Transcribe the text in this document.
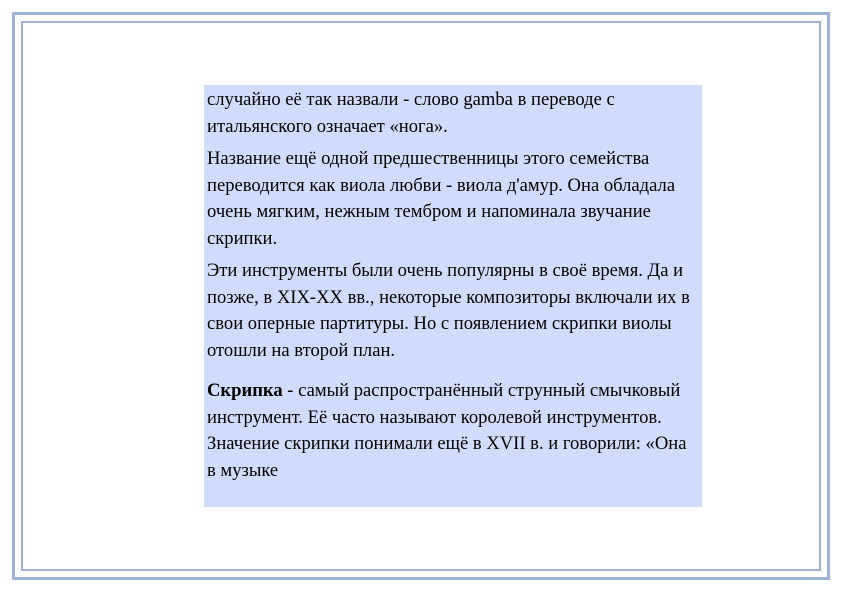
случайно её так назвали - слово gamba в переводе с итальянского означает «нога».

Название ещё одной предшественницы этого семейства переводится как виола любви - виола д'амур. Она обладала очень мягким, нежным тембром и напоминала звучание скрипки.

Эти инструменты были очень популярны в своё время. Да и позже, в XIX-XX вв., некоторые композиторы включали их в свои оперные партитуры. Но с появлением скрипки виолы отошли на второй план.

Скрипка - самый распространённый струнный смычковый инструмент. Её часто называют королевой инструментов. Значение скрипки понимали ещё в XVII в. и говорили: «Она в музыке
